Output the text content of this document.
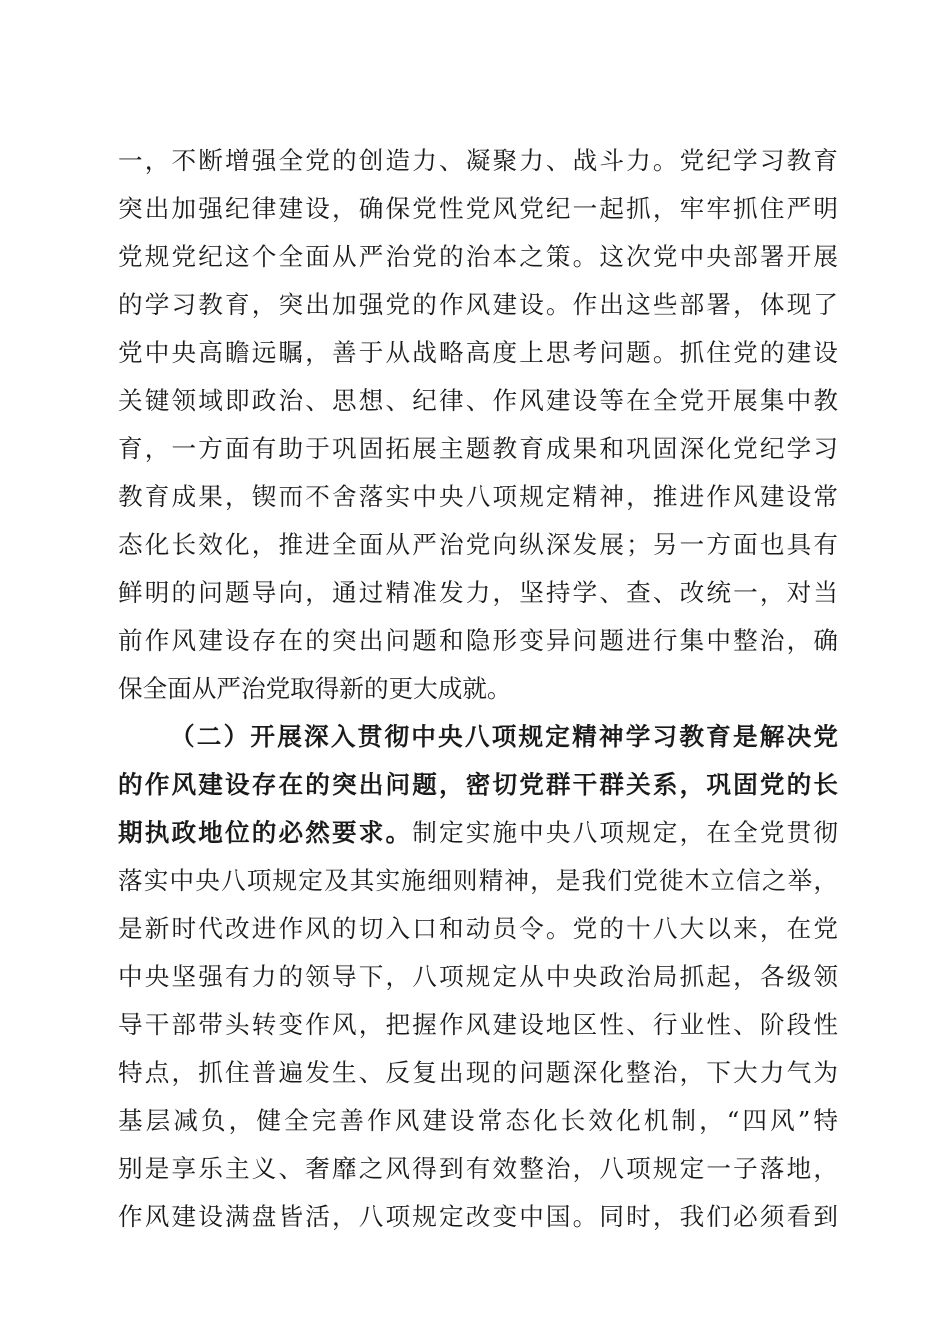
一，不断增强全党的创造力、凝聚力、战斗力。党纪学习教育
突出加强纪律建设，确保党性党风党纪一起抓，牢牢抓住严明
党规党纪这个全面从严治党的治本之策。这次党中央部署开展
的学习教育，突出加强党的作风建设。作出这些部署，体现了
党中央高瞻远瞩，善于从战略高度上思考问题。抓住党的建设
关键领域即政治、思想、纪律、作风建设等在全党开展集中教
育，一方面有助于巩固拓展主题教育成果和巩固深化党纪学习
教育成果，锲而不舍落实中央八项规定精神，推进作风建设常
态化长效化，推进全面从严治党向纵深发展；另一方面也具有
鲜明的问题导向，通过精准发力，坚持学、查、改统一，对当
前作风建设存在的突出问题和隐形变异问题进行集中整治，确
保全面从严治党取得新的更大成就。
（二）开展深入贯彻中央八项规定精神学习教育是解决党
的作风建设存在的突出问题，密切党群干群关系，巩固党的长
期执政地位的必然要求。制定实施中央八项规定，在全党贯彻
落实中央八项规定及其实施细则精神，是我们党徙木立信之举，
是新时代改进作风的切入口和动员令。党的十八大以来，在党
中央坚强有力的领导下，八项规定从中央政治局抓起，各级领
导干部带头转变作风，把握作风建设地区性、行业性、阶段性
特点，抓住普遍发生、反复出现的问题深化整治，下大力气为
基层减负，健全完善作风建设常态化长效化机制，“四风”特
别是享乐主义、奢靡之风得到有效整治，八项规定一子落地，
作风建设满盘皆活，八项规定改变中国。同时，我们必须看到
